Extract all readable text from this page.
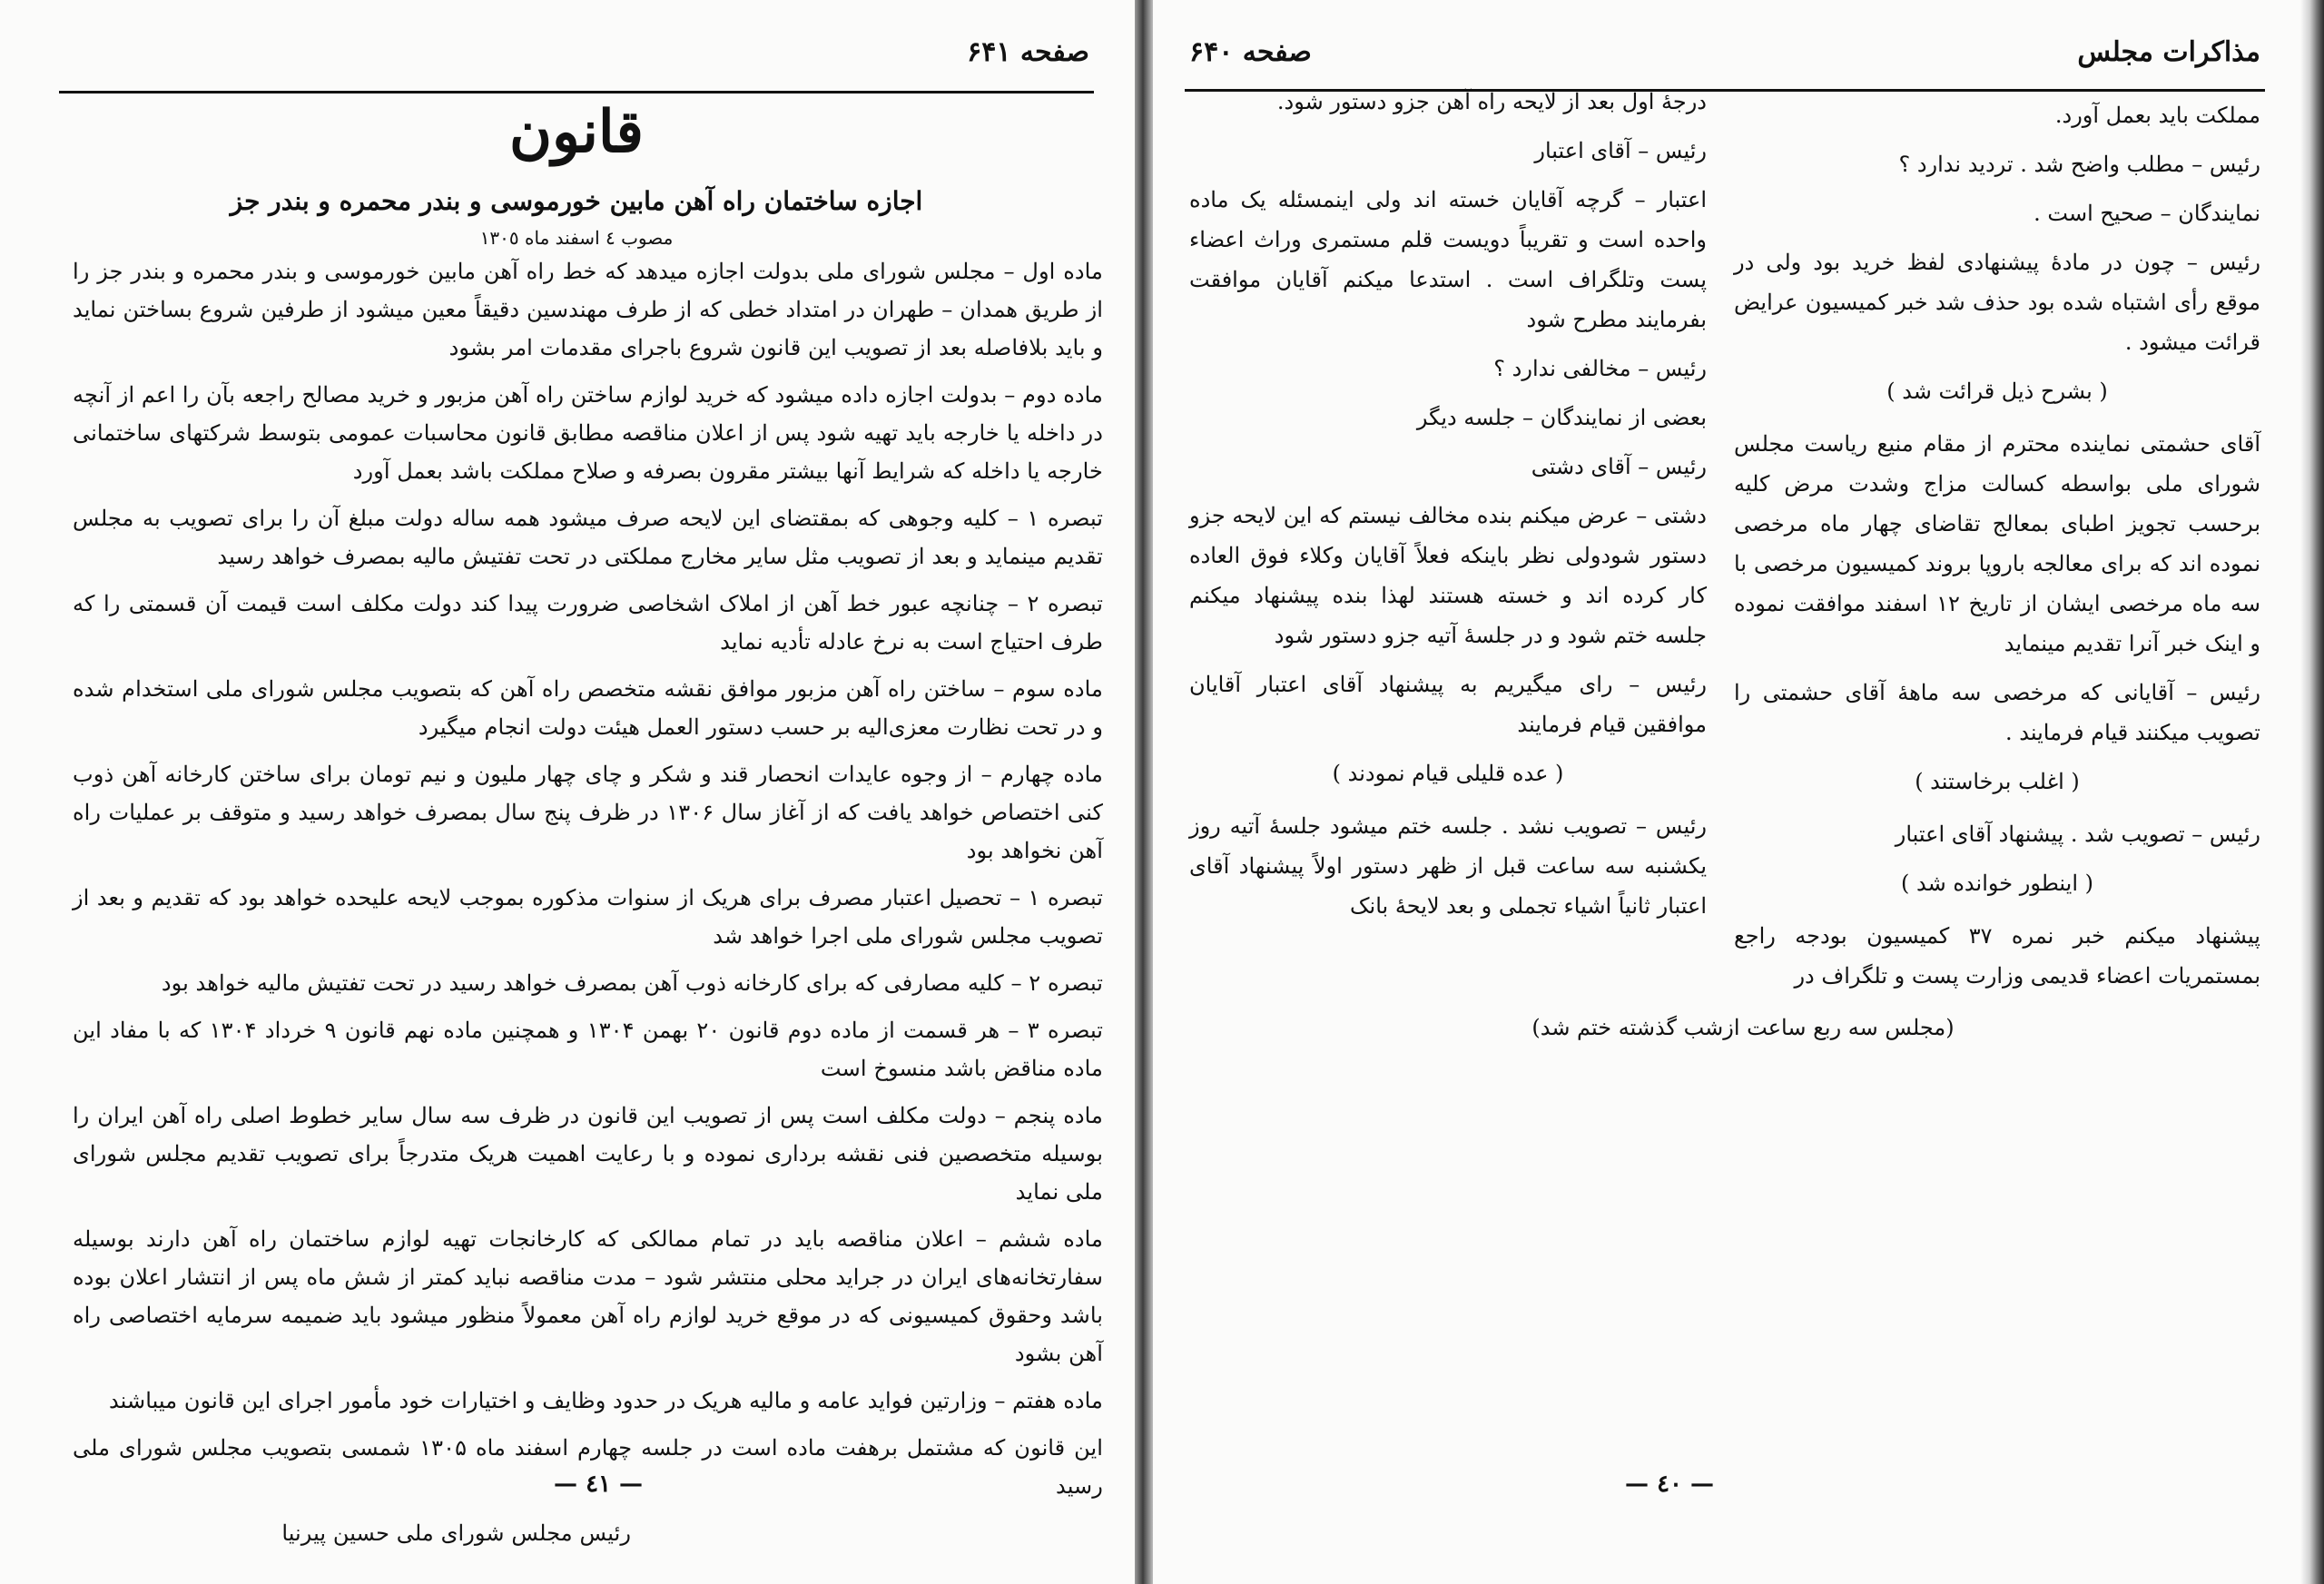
صفحه ۶۴۱
قانون
اجازه ساختمان راه آهن مابین خورموسی و بندر محمره و بندر جز
مصوب ٤ اسفند ماه ١٣٠٥

ماده اول – مجلس شورای ملی بدولت اجازه میدهد که خط راه آهن مابین خورموسی و بندر محمره و بندر جز را از طریق همدان – طهران در امتداد خطی که از طرف مهندسین دقیقاً معین میشود از طرفین شروع بساختن نماید و باید بلافاصله بعد از تصویب این قانون شروع باجرای مقدمات امر بشود

ماده دوم – بدولت اجازه داده میشود که خرید لوازم ساختن راه آهن مزبور و خرید مصالح راجعه بآن را اعم از آنچه در داخله یا خارجه باید تهیه شود پس از اعلان مناقصه مطابق قانون محاسبات عمومی بتوسط شرکتهای ساختمانی خارجه یا داخله که شرایط آنها بیشتر مقرون بصرفه و صلاح مملکت باشد بعمل آورد

تبصره ۱ – کلیه وجوهی که بمقتضای این لایحه صرف میشود همه ساله دولت مبلغ آن را برای تصویب به مجلس تقدیم مینماید و بعد از تصویب مثل سایر مخارج مملکتی در تحت تفتیش مالیه بمصرف خواهد رسید

تبصره ۲ – چنانچه عبور خط آهن از املاک اشخاصی ضرورت پیدا کند دولت مکلف است قیمت آن قسمتی را که طرف احتیاج است به نرخ عادله تأدیه نماید

ماده سوم – ساختن راه آهن مزبور موافق نقشه متخصص راه آهن که بتصویب مجلس شورای ملی استخدام شده و در تحت نظارت معزی‌الیه بر حسب دستور العمل هیئت دولت انجام میگیرد

ماده چهارم – از وجوه عایدات انحصار قند و شکر و چای چهار ملیون و نیم تومان برای ساختن کارخانه آهن ذوب کنی اختصاص خواهد یافت که از آغاز سال ۱۳۰۶ در ظرف پنج سال بمصرف خواهد رسید و متوقف بر عملیات راه آهن نخواهد بود

تبصره ۱ – تحصیل اعتبار مصرف برای هریک از سنوات مذکوره بموجب لایحه علیحده خواهد بود که تقدیم و بعد از تصویب مجلس شورای ملی اجرا خواهد شد

تبصره ۲ – کلیه مصارفی که برای کارخانه ذوب آهن بمصرف خواهد رسید در تحت تفتیش مالیه خواهد بود

تبصره ۳ – هر قسمت از ماده دوم قانون ۲۰ بهمن ۱۳۰۴ و همچنین ماده نهم قانون ۹ خرداد ۱۳۰۴ که با مفاد این ماده مناقض باشد منسوخ است

ماده پنجم – دولت مکلف است پس از تصویب این قانون در ظرف سه سال سایر خطوط اصلی راه آهن ایران را بوسیله متخصصین فنی نقشه برداری نموده و با رعایت اهمیت هریک متدرجاً برای تصویب تقدیم مجلس شورای ملی نماید

ماده ششم – اعلان مناقصه باید در تمام ممالکی که کارخانجات تهیه لوازم ساختمان راه آهن دارند بوسیله سفارتخانه‌های ایران در جراید محلی منتشر شود – مدت مناقصه نباید کمتر از شش ماه پس از انتشار اعلان بوده باشد وحقوق کمیسیونی که در موقع خرید لوازم راه آهن معمولاً منظور میشود باید ضمیمه سرمایه اختصاصی راه آهن بشود

ماده هفتم – وزارتین فواید عامه و مالیه هریک در حدود وظایف و اختیارات خود مأمور اجرای این قانون میباشند

این قانون که مشتمل برهفت ماده است در جلسه چهارم اسفند ماه ۱۳۰۵ شمسی بتصویب مجلس شورای ملی رسید

رئیس مجلس شورای ملی حسین پیرنیا

— ٤١ —
مذاکرات مجلس
صفحه ۶۴۰

مملکت باید بعمل آورد.

رئیس – مطلب واضح شد . تردید ندارد ؟

نمایندگان – صحیح است .

رئیس – چون در مادهٔ پیشنهادی لفظ خرید بود ولی در موقع رأی اشتباه شده بود حذف شد خبر کمیسیون عرایض قرائت میشود .

( بشرح ذیل قرائت شد )

آقای حشمتی نماینده محترم از مقام منیع ریاست مجلس شورای ملی بواسطه کسالت مزاج وشدت مرض کلیه برحسب تجویز اطبای بمعالج تقاضای چهار ماه مرخصی نموده اند که برای معالجه باروپا بروند کمیسیون مرخصی با سه ماه مرخصی ایشان از تاریخ ۱۲ اسفند موافقت نموده و اینک خبر آنرا تقدیم مینماید

رئیس – آقایانی که مرخصی سه ماههٔ آقای حشمتی را تصویب میکنند قیام فرمایند .

( اغلب برخاستند )

رئیس – تصویب شد . پیشنهاد آقای اعتبار

( اینطور خوانده شد )

پیشنهاد میکنم خبر نمره ۳۷ کمیسیون بودجه راجع بمستمریات اعضاء قدیمی وزارت پست و تلگراف در

درجهٔ اول بعد از لایحه راه آهن جزو دستور شود.

رئیس – آقای اعتبار

اعتبار – گرچه آقایان خسته اند ولی اینمسئله یک ماده واحده است و تقریباً دویست قلم مستمری وراث اعضاء پست وتلگراف است . استدعا میکنم آقایان موافقت بفرمایند مطرح شود

رئیس – مخالفی ندارد ؟

بعضی از نمایندگان – جلسه دیگر

رئیس – آقای دشتی

دشتی – عرض میکنم بنده مخالف نیستم که این لایحه جزو دستور شودولی نظر باینکه فعلاً آقایان وکلاء فوق العاده کار کرده اند و خسته هستند لهذا بنده پیشنهاد میکنم جلسه ختم شود و در جلسهٔ آتیه جزو دستور شود

رئیس – رای میگیریم به پیشنهاد آقای اعتبار آقایان موافقین قیام فرمایند

( عده قلیلی قیام نمودند )

رئیس – تصویب نشد . جلسه ختم میشود جلسهٔ آتیه روز یکشنبه سه ساعت قبل از ظهر دستور اولاً پیشنهاد آقای اعتبار ثانیاً اشیاء تجملی و بعد لایحهٔ بانک

(مجلس سه ربع ساعت ازشب گذشته ختم شد)
— ٤٠ —
